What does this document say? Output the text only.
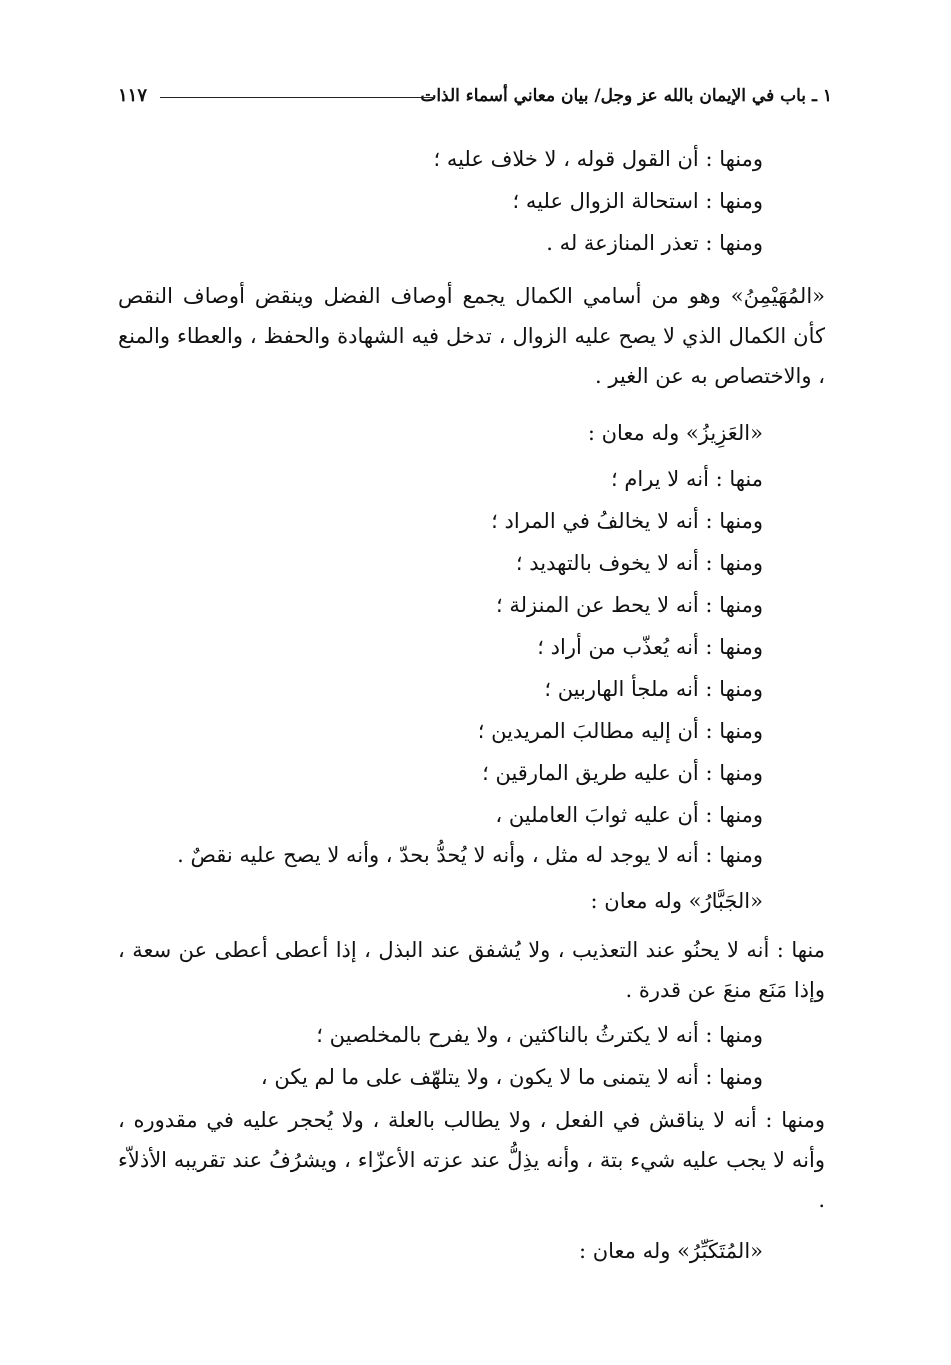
١ ـ باب في الإيمان بالله عز وجل/ بيان معاني أسماء الذات
١١٧
ومنها : أن القول قوله ، لا خلاف عليه ؛
ومنها : استحالة الزوال عليه ؛
ومنها : تعذر المنازعة له .
«المُهَيْمِنُ» وهو من أسامي الكمال يجمع أوصاف الفضل وينقض أوصاف النقص كأن الكمال الذي لا يصح عليه الزوال ، تدخل فيه الشهادة والحفظ ، والعطاء والمنع ، والاختصاص به عن الغير .
«العَزِيزُ» وله معان :
منها : أنه لا يرام ؛
ومنها : أنه لا يخالفُ في المراد ؛
ومنها : أنه لا يخوف بالتهديد ؛
ومنها : أنه لا يحط عن المنزلة ؛
ومنها : أنه يُعذّب من أراد ؛
ومنها : أنه ملجأ الهاربين ؛
ومنها : أن إليه مطالبَ المريدين ؛
ومنها : أن عليه طريق المارقين ؛
ومنها : أن عليه ثوابَ العاملين ،
ومنها : أنه لا يوجد له مثل ، وأنه لا يُحدُّ بحدّ ، وأنه لا يصح عليه نقصٌ .
«الجَبَّارُ» وله معان :
منها : أنه لا يحنُو عند التعذيب ، ولا يُشفق عند البذل ، إذا أعطى أعطى عن سعة ، وإذا مَنَع منعَ عن قدرة .
ومنها : أنه لا يكترثُ بالناكثين ، ولا يفرح بالمخلصين ؛
ومنها : أنه لا يتمنى ما لا يكون ، ولا يتلهّف على ما لم يكن ،
ومنها : أنه لا يناقش في الفعل ، ولا يطالب بالعلة ، ولا يُحجر عليه في مقدوره ، وأنه لا يجب عليه شيء بتة ، وأنه يذِلُّ عند عزته الأعزّاء ، ويشرُفُ عند تقريبه الأذلاّء .
«المُتَكَبِّرُ» وله معان :
